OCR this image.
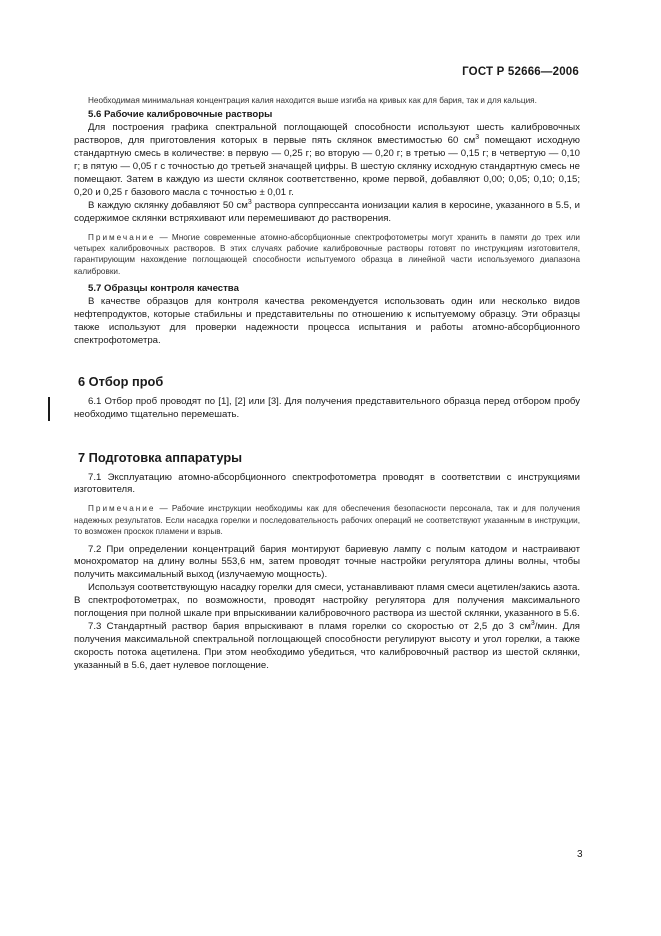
ГОСТ Р 52666—2006

Необходимая минимальная концентрация калия находится выше изгиба на кривых как для бария, так и для кальция.

5.6 Рабочие калибровочные растворы

Для построения графика спектральной поглощающей способности используют шесть калибровочных растворов, для приготовления которых в первые пять склянок вместимостью 60 $см^3$ помещают исходную стандартную смесь в количестве: в первую — 0,25 г; во вторую — 0,20 г; в третью — 0,15 г; в четвертую — 0,10 г; в пятую — 0,05 г с точностью до третьей значащей цифры. В шестую склянку исходную стандартную смесь не помещают. Затем в каждую из шести склянок соответственно, кроме первой, добавляют 0,00; 0,05; 0,10; 0,15; 0,20 и 0,25 г базового масла с точностью ± 0,01 г.

В каждую склянку добавляют 50 $см^3$ раствора суппрессанта ионизации калия в керосине, указанного в 5.5, и содержимое склянки встряхивают или перемешивают до растворения.

Примечание — Многие современные атомно-абсорбционные спектрофотометры могут хранить в памяти до трех или четырех калибровочных растворов. В этих случаях рабочие калибровочные растворы готовят по инструкциям изготовителя, гарантирующим нахождение поглощающей способности испытуемого образца в линейной части используемого диапазона калибровки.

5.7 Образцы контроля качества

В качестве образцов для контроля качества рекомендуется использовать один или несколько видов нефтепродуктов, которые стабильны и представительны по отношению к испытуемому образцу. Эти образцы также используют для проверки надежности процесса испытания и работы атомно-абсорбционного спектрофотометра.

6 Отбор проб

6.1 Отбор проб проводят по [1], [2] или [3]. Для получения представительного образца перед отбором пробу необходимо тщательно перемешать.

7 Подготовка аппаратуры

7.1 Эксплуатацию атомно-абсорбционного спектрофотометра проводят в соответствии с инструкциями изготовителя.

Примечание — Рабочие инструкции необходимы как для обеспечения безопасности персонала, так и для получения надежных результатов. Если насадка горелки и последовательность рабочих операций не соответствуют указанным в инструкции, то возможен проскок пламени и взрыв.

7.2 При определении концентраций бария монтируют бариевую лампу с полым катодом и настраивают монохроматор на длину волны 553,6 нм, затем проводят точные настройки регулятора длины волны, чтобы получить максимальный выход (излучаемую мощность).

Используя соответствующую насадку горелки для смеси, устанавливают пламя смеси ацетилен/закись азота. В спектрофотометрах, по возможности, проводят настройку регулятора для получения максимального поглощения при полной шкале при впрыскивании калибровочного раствора из шестой склянки, указанного в 5.6.

7.3 Стандартный раствор бария впрыскивают в пламя горелки со скоростью от 2,5 до 3 $см^3$/мин. Для получения максимальной спектральной поглощающей способности регулируют высоту и угол горелки, а также скорость потока ацетилена. При этом необходимо убедиться, что калибровочный раствор из шестой склянки, указанный в 5.6, дает нулевое поглощение.

3
